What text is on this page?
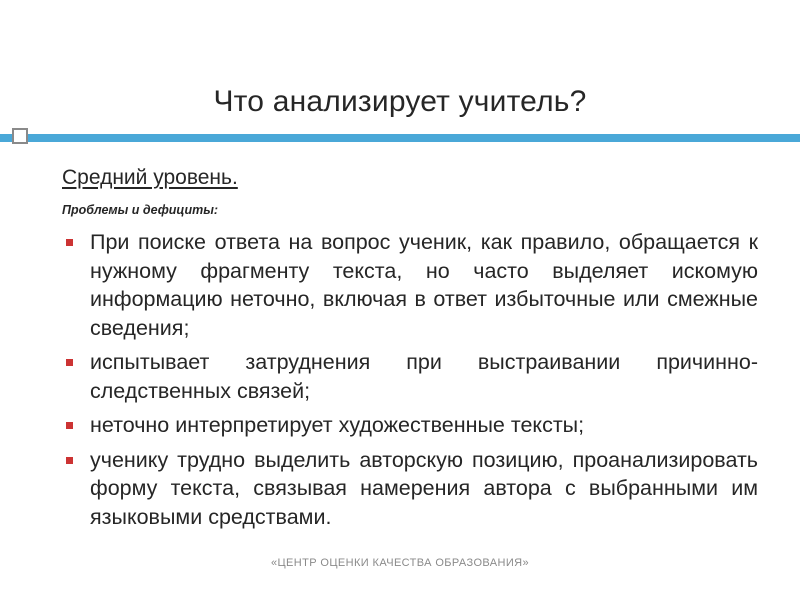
Что анализирует учитель?
Средний уровень.
Проблемы и дефициты:
При поиске ответа на вопрос ученик, как правило, обращается к нужному фрагменту текста, но часто выделяет искомую информацию неточно, включая в ответ избыточные или смежные сведения;
испытывает затруднения при выстраивании причинно-следственных связей;
неточно интерпретирует художественные тексты;
ученику трудно выделить авторскую позицию, проанализировать форму текста, связывая намерения автора с выбранными им языковыми средствами.
«ЦЕНТР ОЦЕНКИ КАЧЕСТВА ОБРАЗОВАНИЯ»
